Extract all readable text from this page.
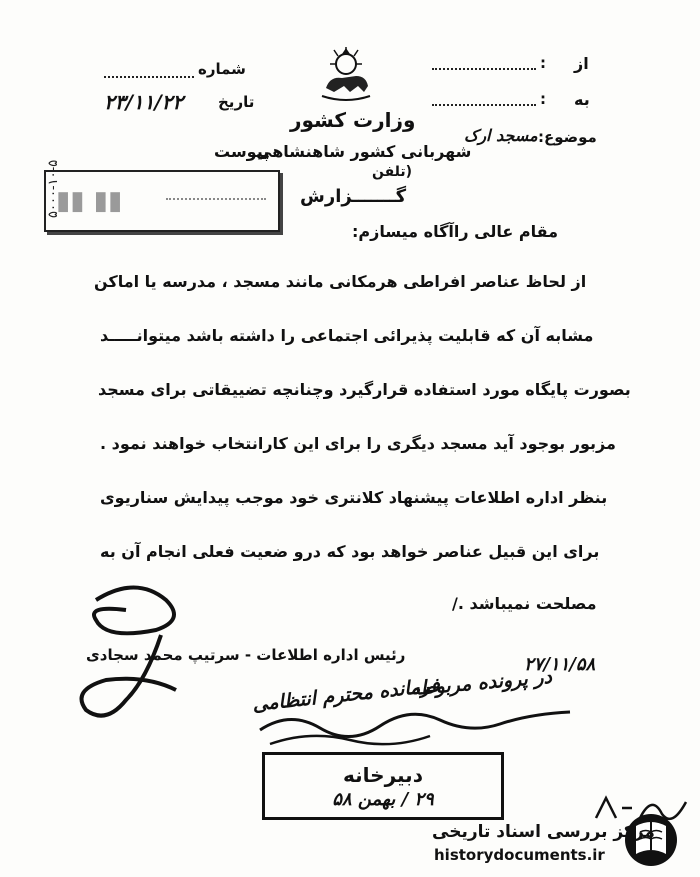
شماره
تاریخ
۲۳/۱۱/۲۲
وزارت کشور
شهربانی کشور شاهنشاهی
پیوست
(تلفن
از
:
به
:
موضوع:
مسجد ارک
۵۰۰۰-۱۰-۵
▮▮ ▮▮	گـــــــزارش
مقام عالی راآگاه میسازم:
از لحاظ عناصر افراطی هرمکانی مانند مسجد ، مدرسه یا اماکن
مشابه آن که قابلیت پذیرائی اجتماعی را داشته باشد میتوانـــــد
بصورت پایگاه مورد استفاده قرارگیرد وچنانچه تضییقاتی برای مسجد
مزبور بوجود آید مسجد دیگری را برای این کارانتخاب خواهند نمود .
بنظر اداره اطلاعات پیشنهاد کلانتری خود موجب پیدایش سناریوی
برای این قبیل عناصر خواهد بود که درو ضعیت فعلی انجام آن به
مصلحت نمیباشد ./
رئیس اداره اطلاعات - سرتیپ محمد سجادی	۲۷/۱۱/۵۸
فرمانده محترم انتظامی
در پرونده مربوطه
دبیرخانه
۲۹ / بهمن ۵۸
مرکز بررسی اسناد تاریخی
historydocuments.ir
